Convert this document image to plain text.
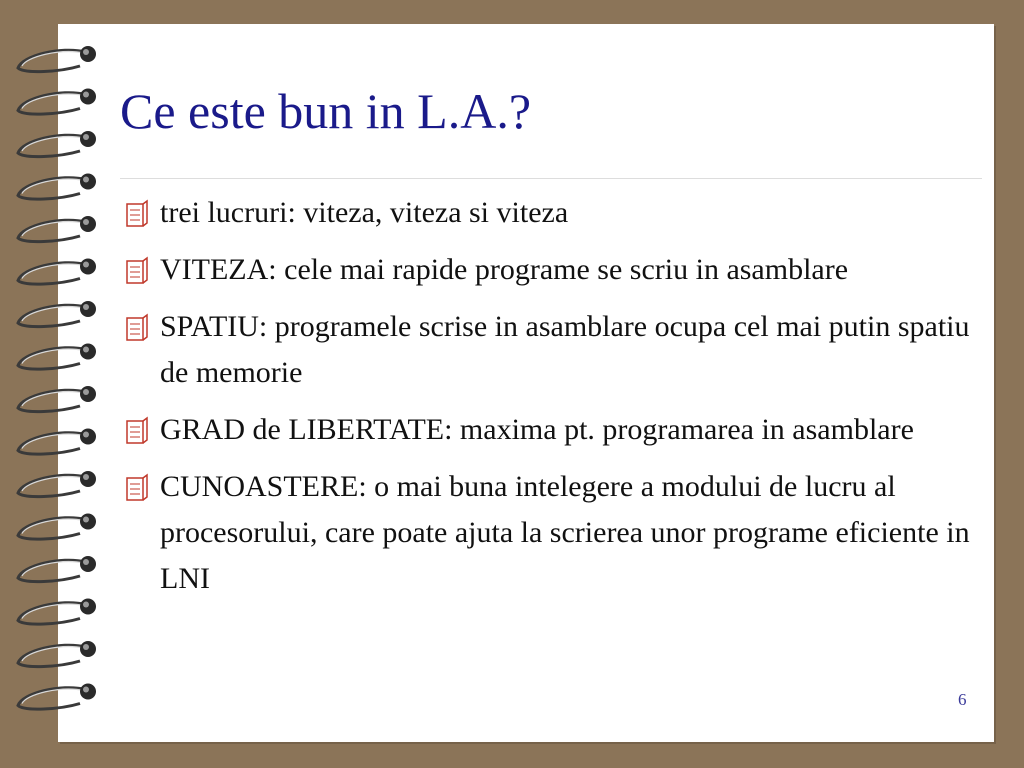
Ce este bun in L.A.?
trei lucruri: viteza, viteza si viteza
VITEZA: cele mai rapide programe se scriu in asamblare
SPATIU: programele scrise in asamblare ocupa cel mai putin spatiu de memorie
GRAD de LIBERTATE: maxima pt. programarea in asamblare
CUNOASTERE: o mai buna intelegere a modului de lucru al procesorului, care poate ajuta la scrierea unor programe eficiente in LNI
6
